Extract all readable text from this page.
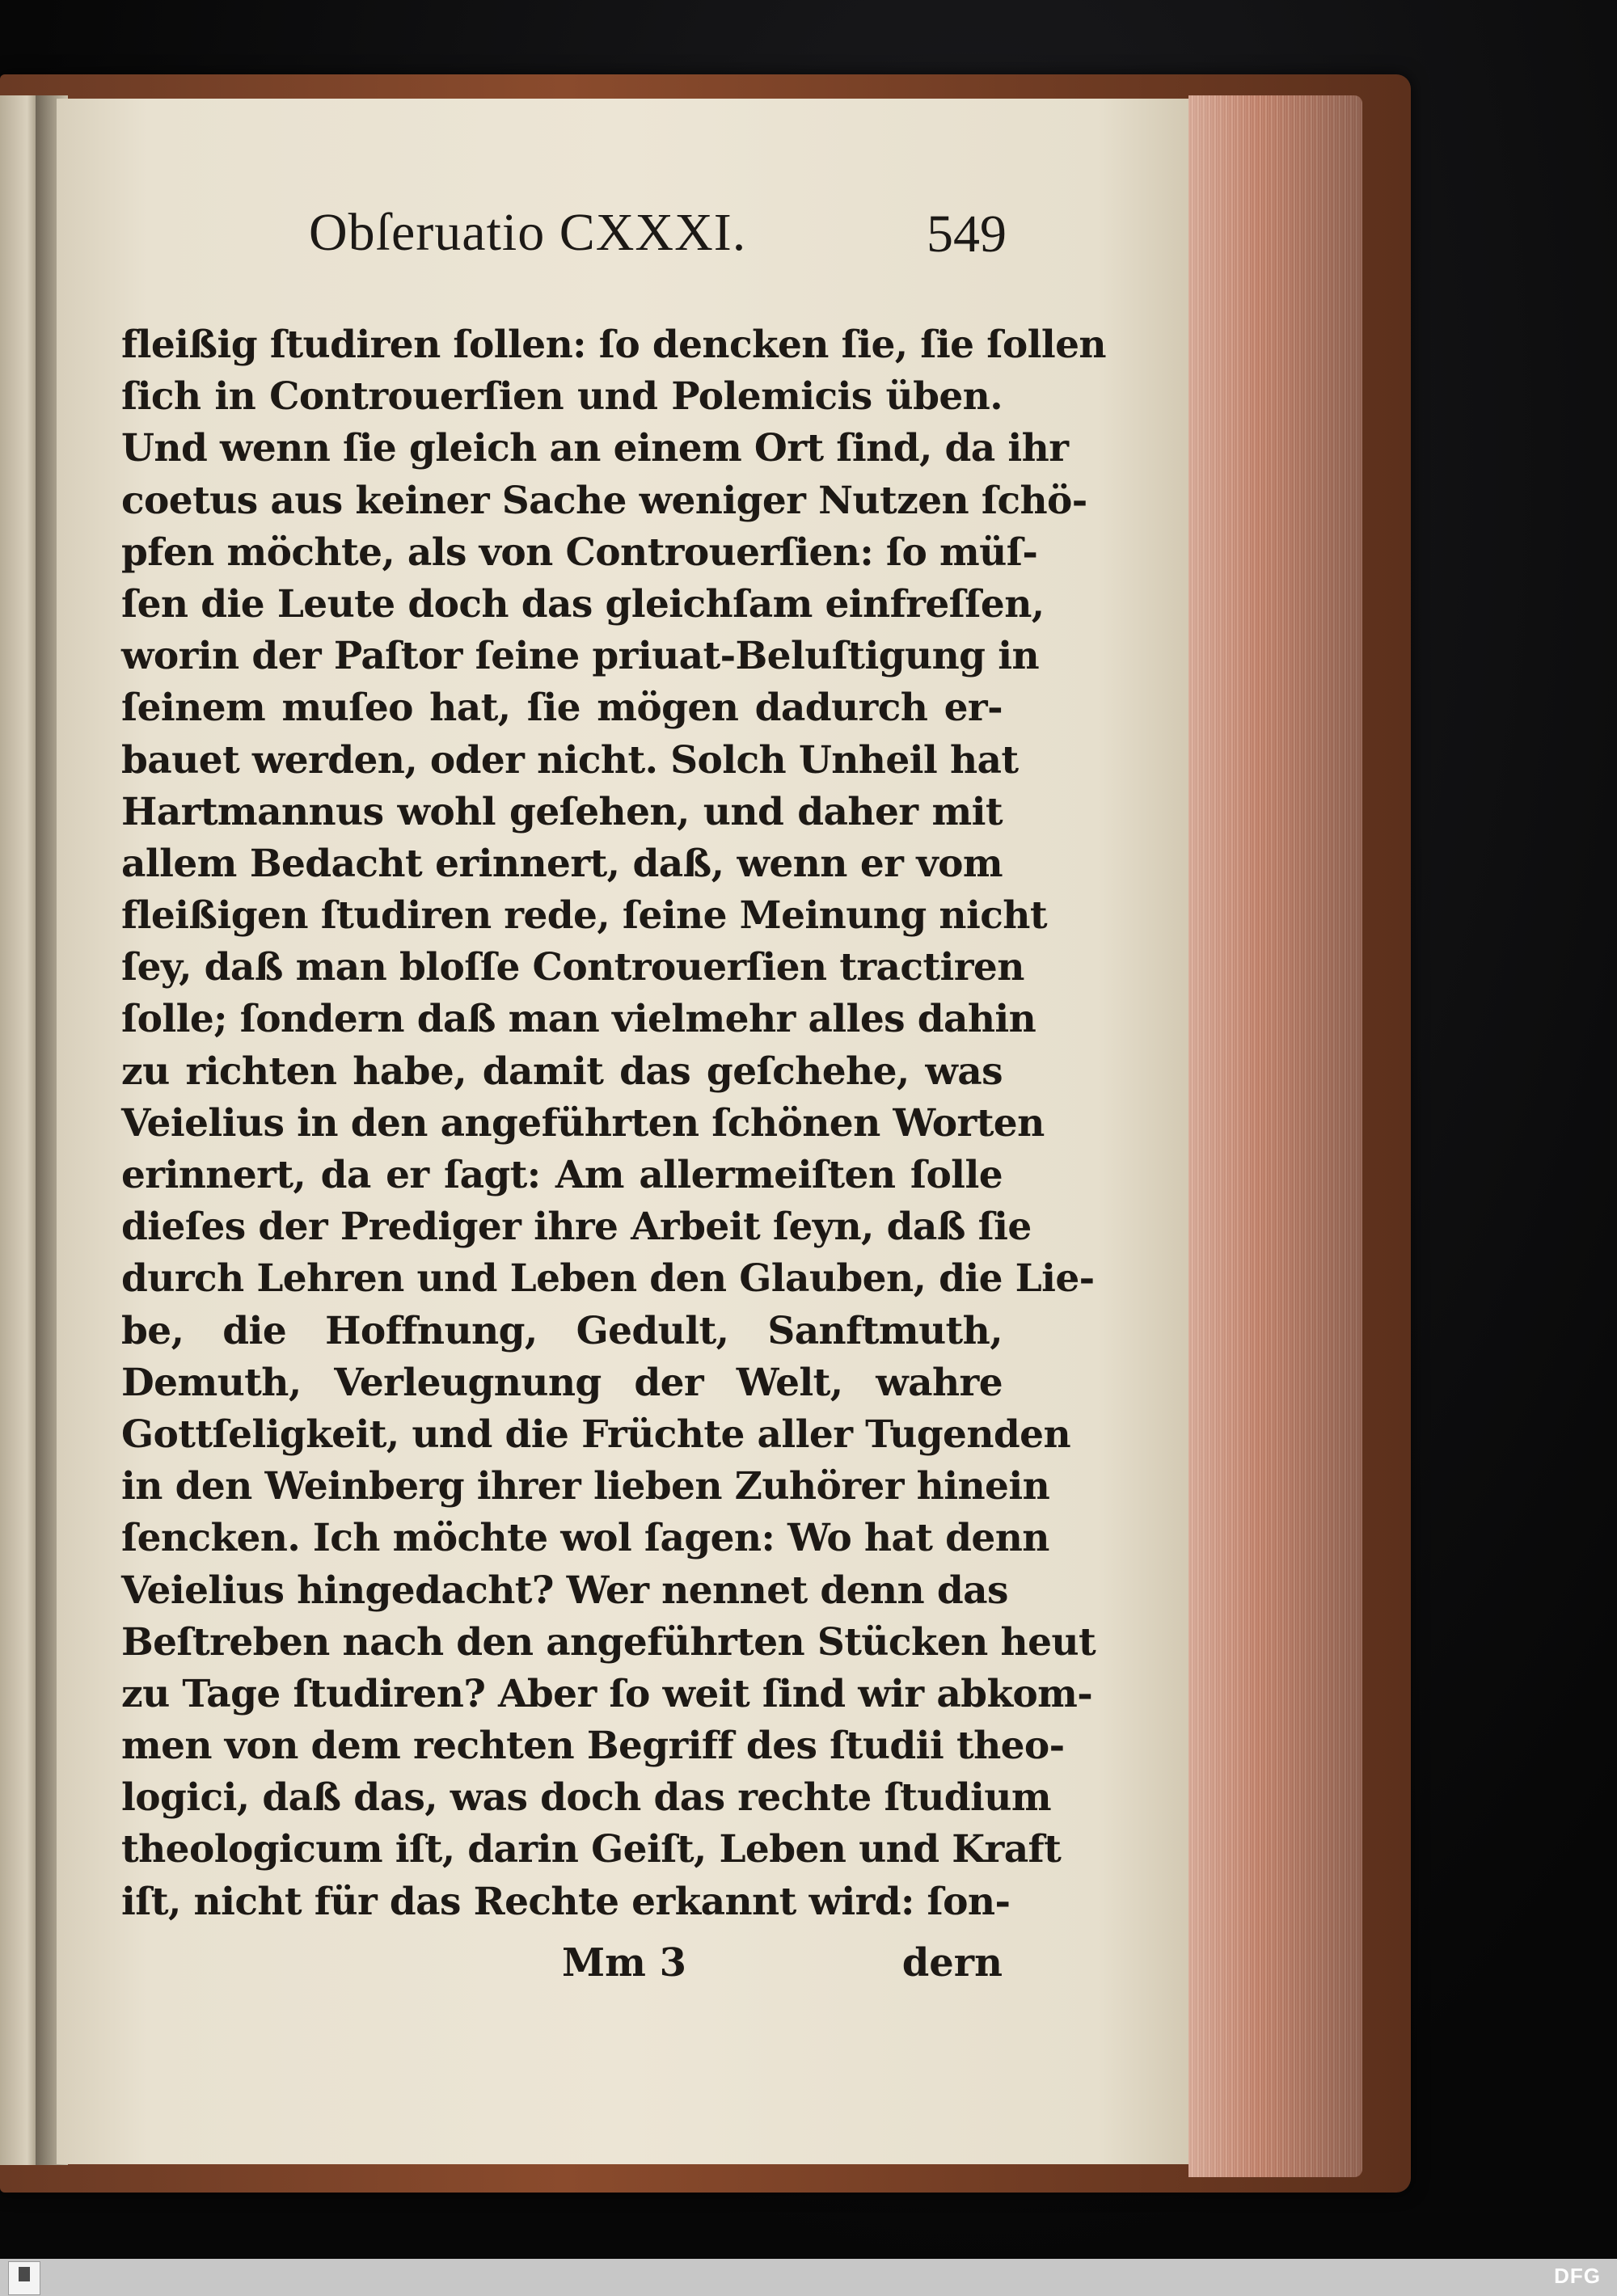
Obſeruatio CXXXI.	549
fleißig ſtudiren ſollen: ſo dencken ſie, ſie ſollen
ſich in Controuerſien und Polemicis üben.
Und wenn ſie gleich an einem Ort ſind, da ihr
coetus aus keiner Sache weniger Nutzen ſchö-
pfen möchte, als von Controuerſien: ſo müſ-
ſen die Leute doch das gleichſam einfreſſen,
worin der Paſtor ſeine priuat-Beluſtigung in
ſeinem muſeo hat, ſie mögen dadurch er-
bauet werden, oder nicht. Solch Unheil hat
Hartmannus wohl geſehen, und daher mit
allem Bedacht erinnert, daß, wenn er vom
fleißigen ſtudiren rede, ſeine Meinung nicht
ſey, daß man bloſſe Controuerſien tractiren
ſolle; ſondern daß man vielmehr alles dahin
zu richten habe, damit das geſchehe, was
Veielius in den angeführten ſchönen Worten
erinnert, da er ſagt: Am allermeiſten ſolle
dieſes der Prediger ihre Arbeit ſeyn, daß ſie
durch Lehren und Leben den Glauben, die Lie-
be, die Hoffnung, Gedult, Sanftmuth,
Demuth, Verleugnung der Welt, wahre
Gottſeligkeit, und die Früchte aller Tugenden
in den Weinberg ihrer lieben Zuhörer hinein
ſencken. Ich möchte wol ſagen: Wo hat denn
Veielius hingedacht? Wer nennet denn das
Beſtreben nach den angeführten Stücken heut
zu Tage ſtudiren? Aber ſo weit ſind wir abkom-
men von dem rechten Begriff des ſtudii theo-
logici, daß das, was doch das rechte ſtudium
theologicum iſt, darin Geiſt, Leben und Kraft
iſt, nicht für das Rechte erkannt wird: ſon-
Mm 3	dern
DFG
